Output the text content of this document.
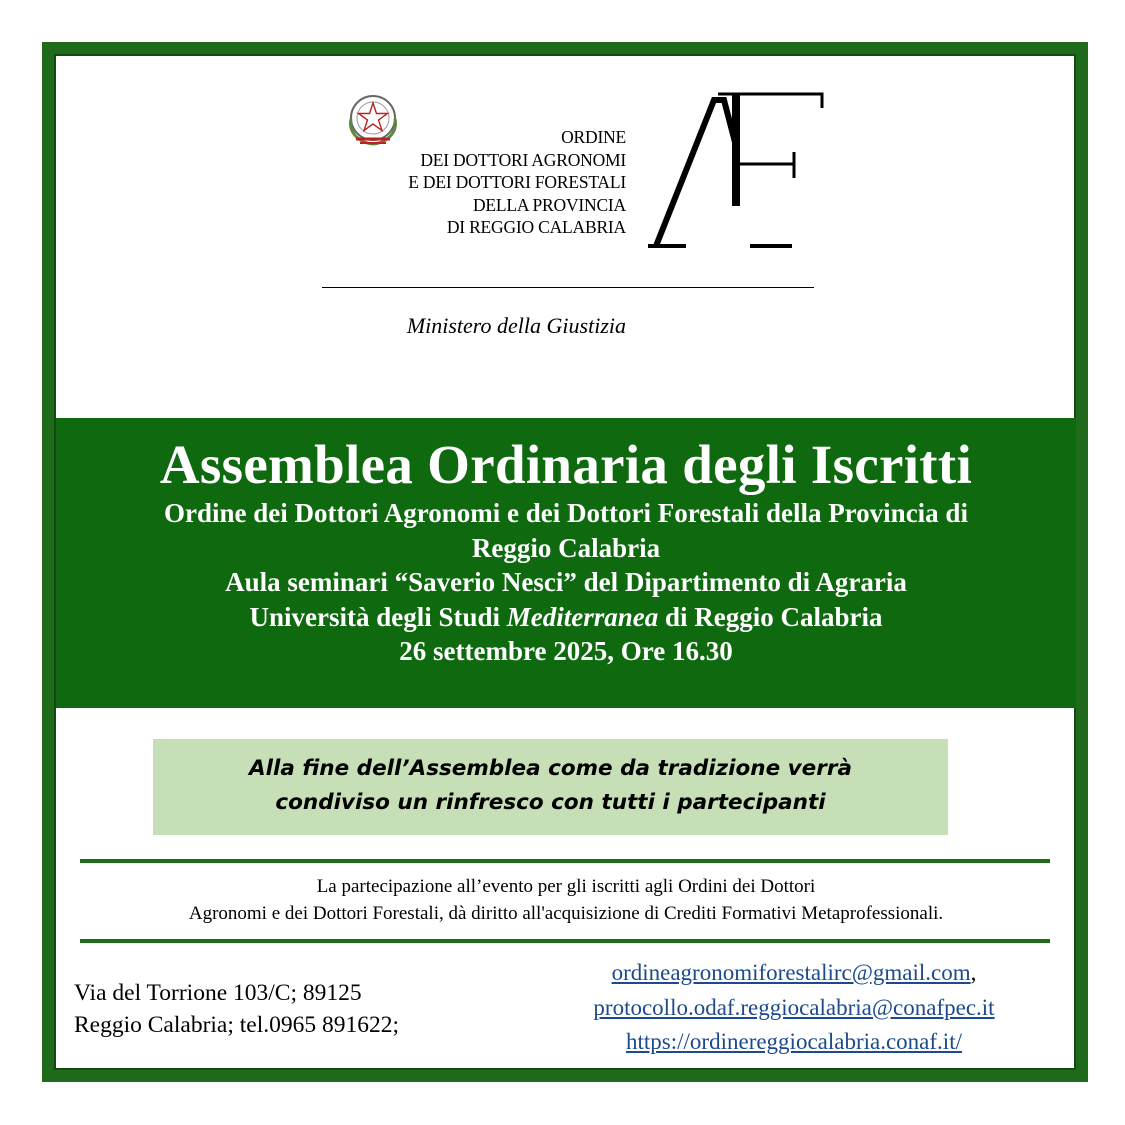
ORDINE
DEI DOTTORI AGRONOMI
E DEI DOTTORI FORESTALI
DELLA PROVINCIA
DI REGGIO CALABRIA
Ministero della Giustizia
Assemblea Ordinaria degli Iscritti
Ordine dei Dottori Agronomi e dei Dottori Forestali della Provincia di
Reggio Calabria
Aula seminari “Saverio Nesci” del Dipartimento di Agraria
Università degli Studi Mediterranea di Reggio Calabria
26 settembre 2025, Ore 16.30
Alla fine dell’Assemblea come da tradizione verrà
condiviso un rinfresco con tutti i partecipanti
La partecipazione all’evento per gli iscritti agli Ordini dei Dottori
Agronomi e dei Dottori Forestali, dà diritto all'acquisizione di Crediti Formativi Metaprofessionali.
Via del Torrione 103/C; 89125
Reggio Calabria; tel.0965 891622;
ordineagronomiforestalirc@gmail.com,
protocollo.odaf.reggiocalabria@conafpec.it
https://ordinereggiocalabria.conaf.it/
